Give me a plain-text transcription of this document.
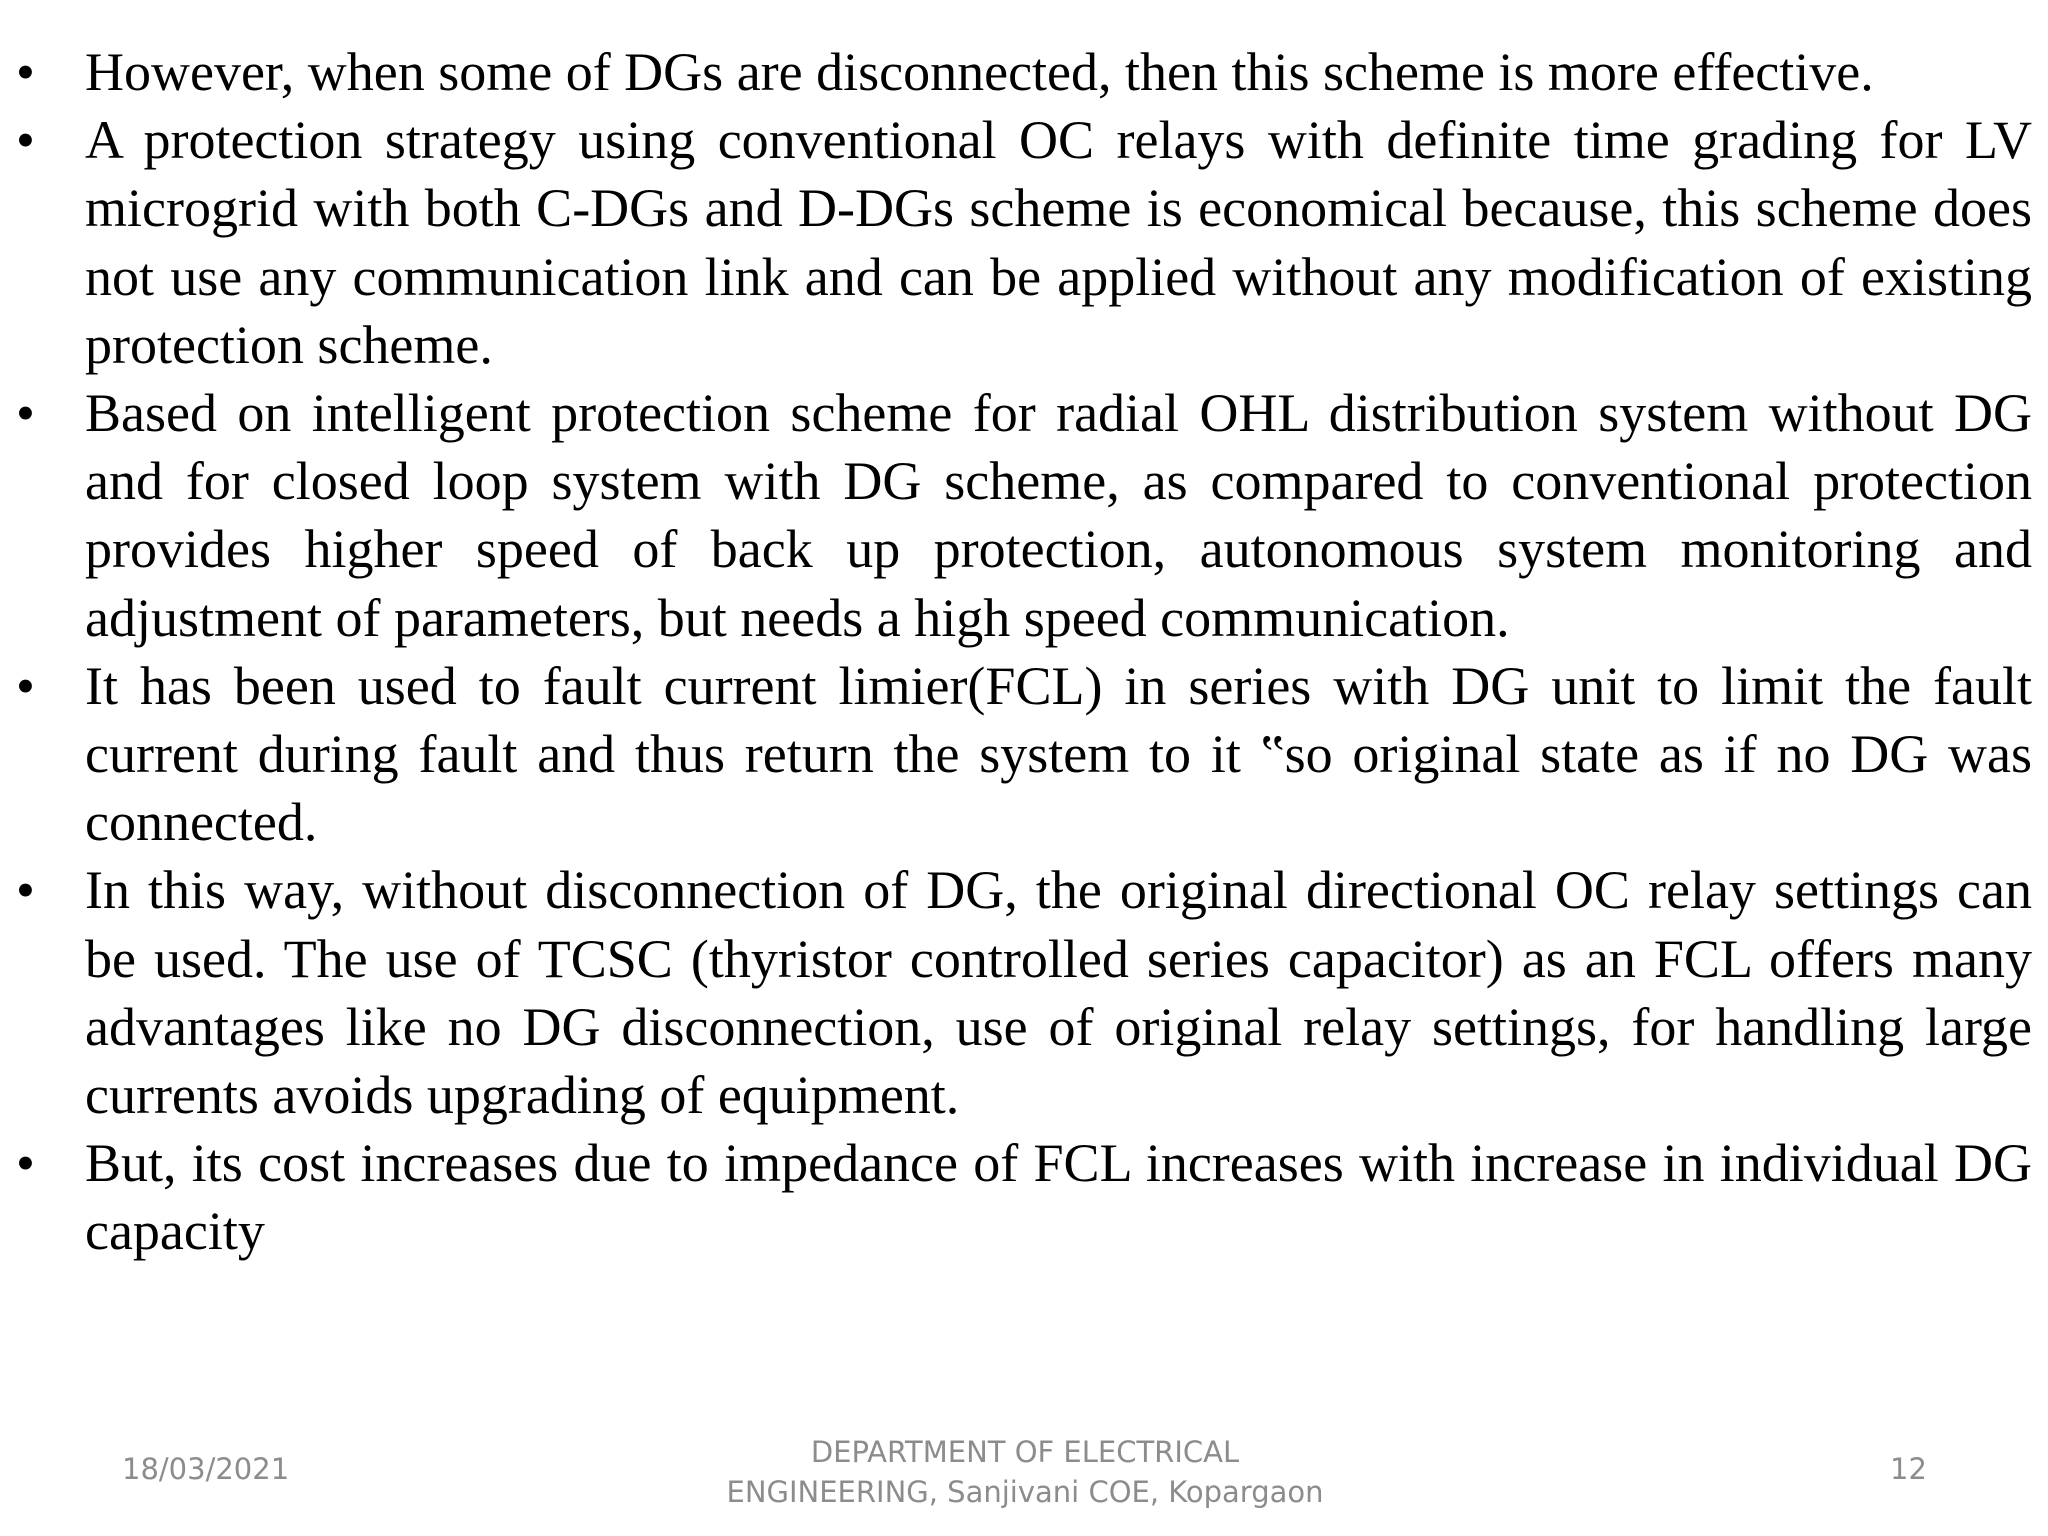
• However, when some of DGs are disconnected, then this scheme is more effective.
• A protection strategy using conventional OC relays with definite time grading for LV microgrid with both C-DGs and D-DGs scheme is economical because, this scheme does not use any communication link and can be applied without any modification of existing protection scheme.
• Based on intelligent protection scheme for radial OHL distribution system without DG and for closed loop system with DG scheme, as compared to conventional protection provides higher speed of back up protection, autonomous system monitoring and adjustment of parameters, but needs a high speed communication.
• It has been used to fault current limier(FCL) in series with DG unit to limit the fault current during fault and thus return the system to it ‟so original state as if no DG was connected.
• In this way, without disconnection of DG, the original directional OC relay settings can be used. The use of TCSC (thyristor controlled series capacitor) as an FCL offers many advantages like no DG disconnection, use of original relay settings, for handling large currents avoids upgrading of equipment.
• But, its cost increases due to impedance of FCL increases with increase in individual DG capacity
18/03/2021	DEPARTMENT OF ELECTRICAL
ENGINEERING, Sanjivani COE, Kopargaon
12
